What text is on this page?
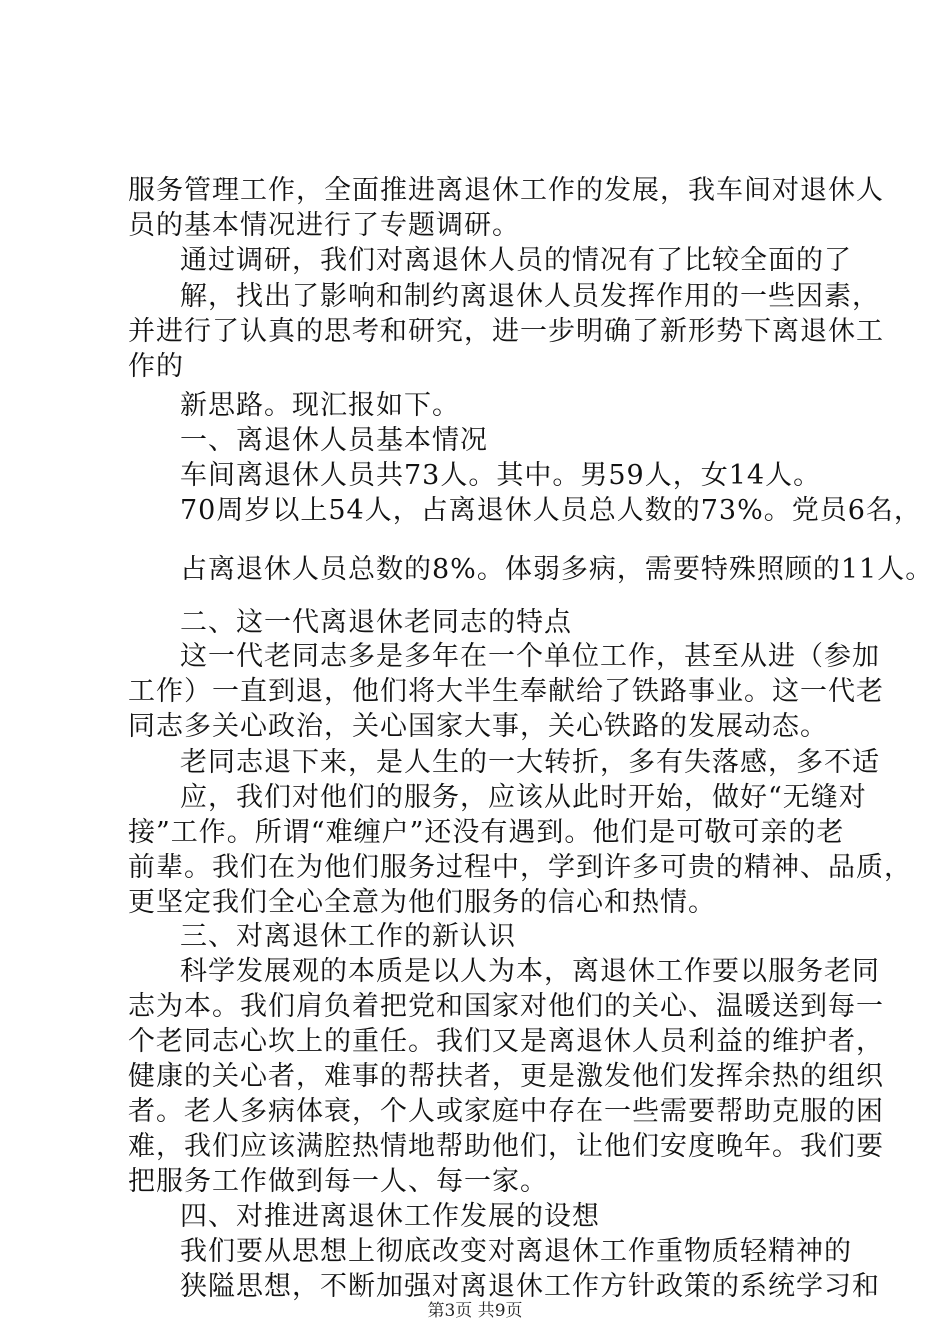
服务管理工作，全面推进离退休工作的发展，我车间对退休人
员的基本情况进行了专题调研。
通过调研，我们对离退休人员的情况有了比较全面的了
解，找出了影响和制约离退休人员发挥作用的一些因素，
并进行了认真的思考和研究，进一步明确了新形势下离退休工
作的
新思路。现汇报如下。
一、离退休人员基本情况
车间离退休人员共73人。其中。男59人，女14人。
70周岁以上54人，占离退休人员总人数的73%。党员6名，
占离退休人员总数的8%。体弱多病，需要特殊照顾的11人。
二、这一代离退休老同志的特点
这一代老同志多是多年在一个单位工作，甚至从进（参加
工作）一直到退，他们将大半生奉献给了铁路事业。这一代老
同志多关心政治，关心国家大事，关心铁路的发展动态。
老同志退下来，是人生的一大转折，多有失落感，多不适
应，我们对他们的服务，应该从此时开始，做好“无缝对
接”工作。所谓“难缠户”还没有遇到。他们是可敬可亲的老
前辈。我们在为他们服务过程中，学到许多可贵的精神、品质，
更坚定我们全心全意为他们服务的信心和热情。
三、对离退休工作的新认识
科学发展观的本质是以人为本，离退休工作要以服务老同
志为本。我们肩负着把党和国家对他们的关心、温暖送到每一
个老同志心坎上的重任。我们又是离退休人员利益的维护者，
健康的关心者，难事的帮扶者，更是激发他们发挥余热的组织
者。老人多病体衰，个人或家庭中存在一些需要帮助克服的困
难，我们应该满腔热情地帮助他们，让他们安度晚年。我们要
把服务工作做到每一人、每一家。
四、对推进离退休工作发展的设想
我们要从思想上彻底改变对离退休工作重物质轻精神的
狭隘思想，不断加强对离退休工作方针政策的系统学习和
第3页 共9页
